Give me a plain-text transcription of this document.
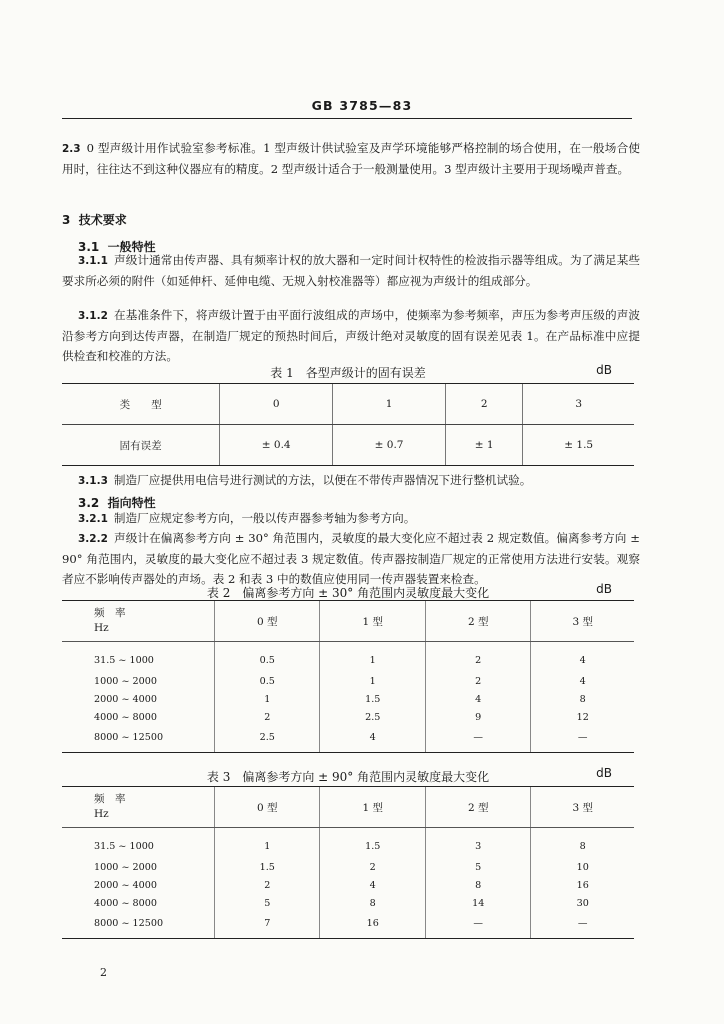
GB 3785—83
2.3 0 型声级计用作试验室参考标准。1 型声级计供试验室及声学环境能够严格控制的场合使用，在一般场合使用时，往往达不到这种仪器应有的精度。2 型声级计适合于一般测量使用。3 型声级计主要用于现场噪声普查。
3 技术要求
3.1 一般特性
3.1.1 声级计通常由传声器、具有频率计权的放大器和一定时间计权特性的检波指示器等组成。为了满足某些要求所必须的附件（如延伸杆、延伸电缆、无规入射校准器等）都应视为声级计的组成部分。
3.1.2 在基准条件下，将声级计置于由平面行波组成的声场中，使频率为参考频率，声压为参考声压级的声波沿参考方向到达传声器，在制造厂规定的预热时间后，声级计绝对灵敏度的固有误差见表 1。在产品标准中应提供检查和校准的方法。
表 1　各型声级计的固有误差	dB
类　　型	0	1	2	3
固有误差	± 0.4	± 0.7	± 1	± 1.5
3.1.3 制造厂应提供用电信号进行测试的方法，以便在不带传声器情况下进行整机试验。
3.2 指向特性
3.2.1 制造厂应规定参考方向，一般以传声器参考轴为参考方向。
3.2.2 声级计在偏离参考方向 ± 30° 角范围内，灵敏度的最大变化应不超过表 2 规定数值。偏离参考方向 ± 90° 角范围内，灵敏度的最大变化应不超过表 3 规定数值。传声器按制造厂规定的正常使用方法进行安装。观察者应不影响传声器处的声场。表 2 和表 3 中的数值应使用同一传声器装置来检查。
表 2　偏离参考方向 ± 30° 角范围内灵敏度最大变化	dB
频　率
Hz	0 型	1 型	2 型	3 型
31.5 ~ 1000	0.5	1	2	4
1000 ~ 2000	0.5	1	2	4
2000 ~ 4000	1	1.5	4	8
4000 ~ 8000	2	2.5	9	12
8000 ~ 12500	2.5	4	—	—
表 3　偏离参考方向 ± 90° 角范围内灵敏度最大变化	dB
频　率
Hz	0 型	1 型	2 型	3 型
31.5 ~ 1000	1	1.5	3	8
1000 ~ 2000	1.5	2	5	10
2000 ~ 4000	2	4	8	16
4000 ~ 8000	5	8	14	30
8000 ~ 12500	7	16	—	—
2
